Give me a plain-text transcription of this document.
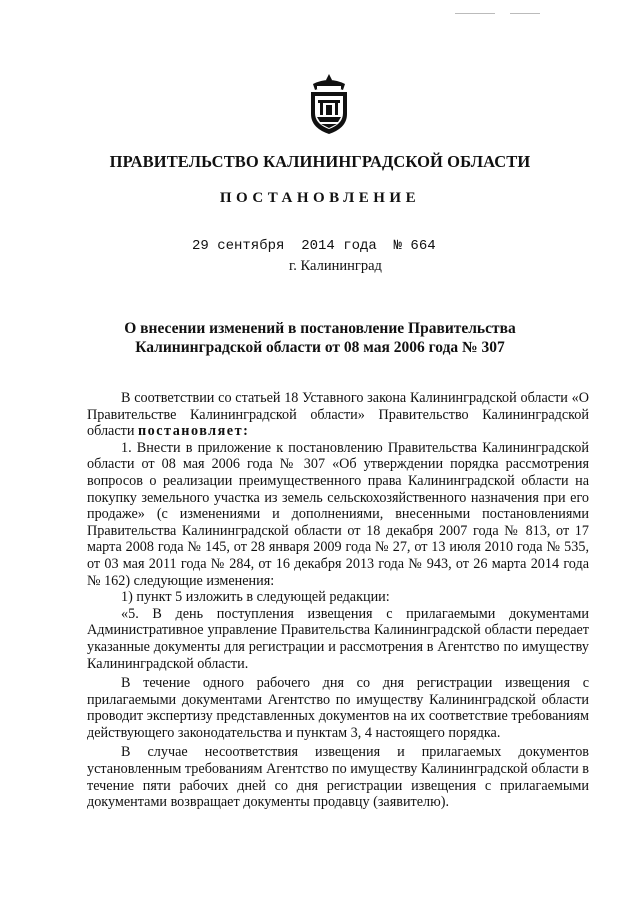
ПРАВИТЕЛЬСТВО КАЛИНИНГРАДСКОЙ ОБЛАСТИ
ПОСТАНОВЛЕНИЕ
29 сентября  2014 года  № 664
г. Калининград
О внесении изменений в постановление Правительства
Калининградской области от 08 мая 2006 года № 307

В соответствии со статьей 18 Уставного закона Калининградской области «О Правительстве Калининградской области» Правительство Калининградской области постановляет:

1. Внести в приложение к постановлению Правительства Калининградской области от 08 мая 2006 года № 307 «Об утверждении порядка рассмотрения вопросов о реализации преимущественного права Калининградской области на покупку земельного участка из земель сельскохозяйственного назначения при его продаже» (с изменениями и дополнениями, внесенными постановлениями Правительства Калининградской области от 18 декабря 2007 года № 813, от 17 марта 2008 года № 145, от 28 января 2009 года № 27, от 13 июля 2010 года № 535, от 03 мая 2011 года № 284, от 16 декабря 2013 года № 943, от 26 марта 2014 года № 162) следующие изменения:

1) пункт 5 изложить в следующей редакции:

«5. В день поступления извещения с прилагаемыми документами Административное управление Правительства Калининградской области передает указанные документы для регистрации и рассмотрения в Агентство по имуществу Калининградской области.

В течение одного рабочего дня со дня регистрации извещения с прилагаемыми документами Агентство по имуществу Калининградской области проводит экспертизу представленных документов на их соответствие требованиям действующего законодательства и пунктам 3, 4 настоящего порядка.

В случае несоответствия извещения и прилагаемых документов установленным требованиям Агентство по имуществу Калининградской области в течение пяти рабочих дней со дня регистрации извещения с прилагаемыми документами возвращает документы продавцу (заявителю).
